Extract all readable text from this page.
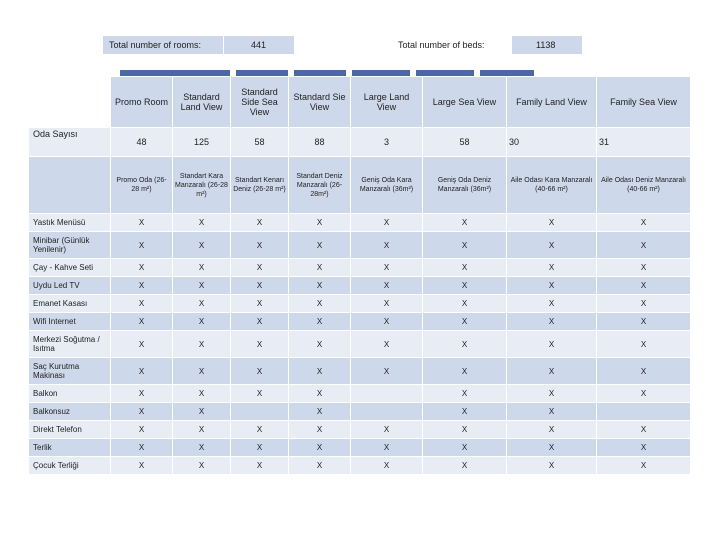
Total number of rooms:	441	Total number of beds:	1138
	Promo Room	Standard Land View	Standard Side Sea View	Standard Sie View	Large Land View	Large Sea View	Family Land View	Family Sea View
Oda Sayısı	48	125	58	88	3	58	30	31
	Promo Oda (26-28 m²)	Standart Kara Manzaralı (26-28 m²)	Standart Kenarı Deniz (26-28 m²)	Standart Deniz Manzaralı (26-28m²)	Geniş Oda Kara Manzaralı (36m²)	Geniş Oda Deniz Manzaralı (36m²)	Aile Odası Kara Manzaralı (40-66 m²)	Aile Odası Deniz Manzaralı (40-66 m²)
Yastık Menüsü	X	X	X	X	X	X	X	X
Minibar (Günlük Yenilenir)	X	X	X	X	X	X	X	X
Çay - Kahve Seti	X	X	X	X	X	X	X	X
Uydu Led TV	X	X	X	X	X	X	X	X
Emanet Kasası	X	X	X	X	X	X	X	X
Wifi Internet	X	X	X	X	X	X	X	X
Merkezi Soğutma / Isıtma	X	X	X	X	X	X	X	X
Saç Kurutma Makinası	X	X	X	X	X	X	X	X
Balkon	X	X	X	X		X	X	X
Balkonsuz	X	X		X		X	X	
Direkt Telefon	X	X	X	X	X	X	X	X
Terlik	X	X	X	X	X	X	X	X
Çocuk Terliği	X	X	X	X	X	X	X	X
